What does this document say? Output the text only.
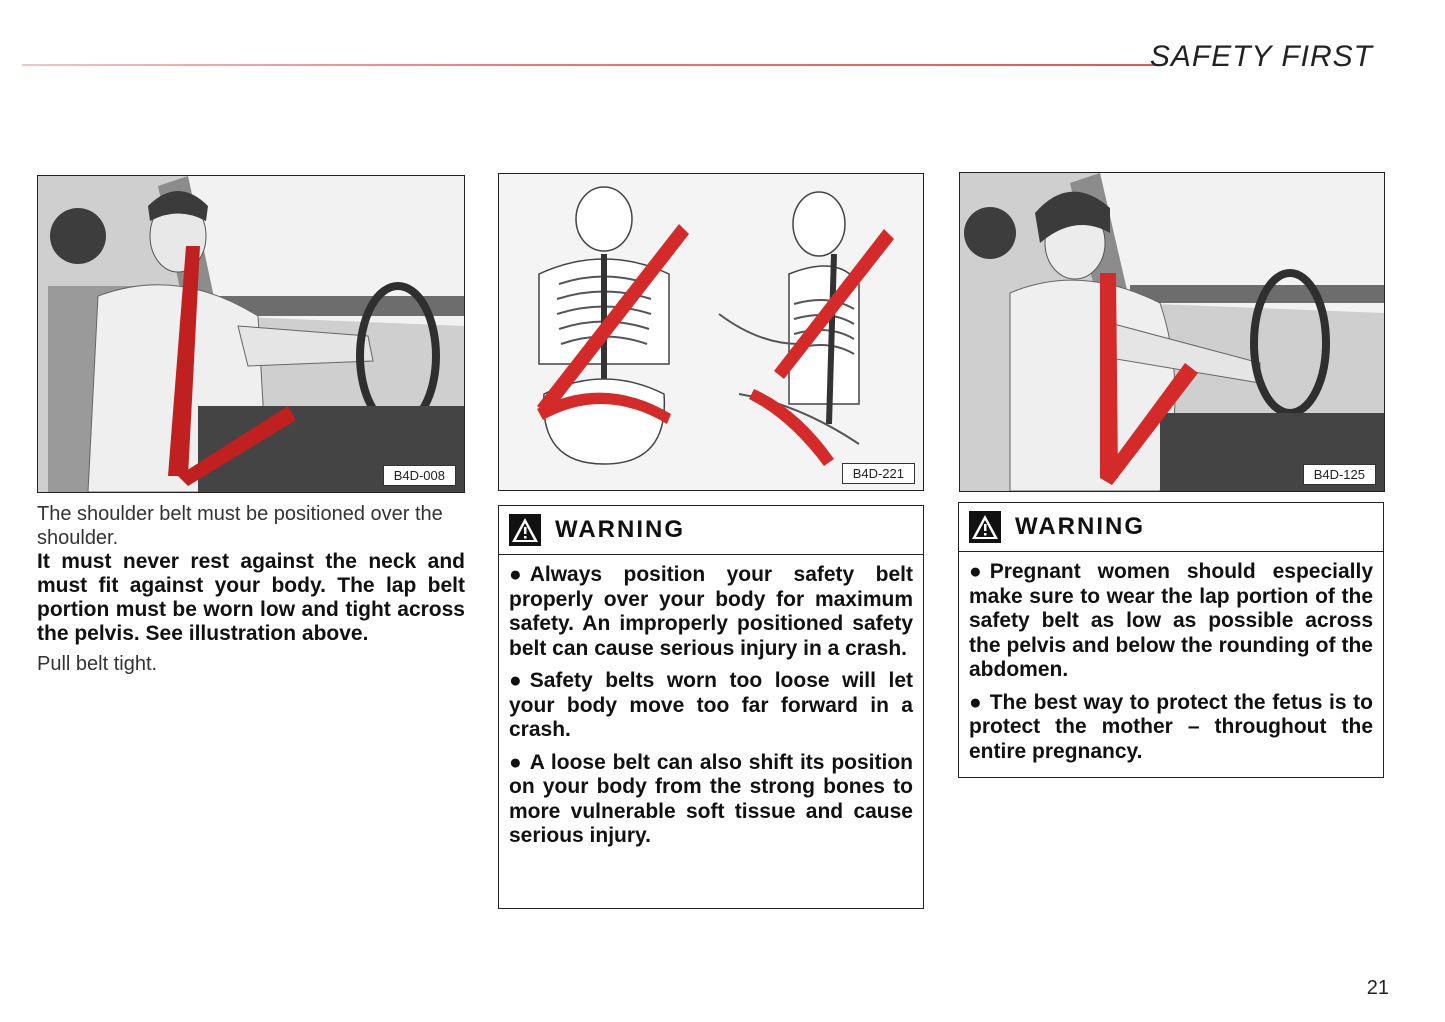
SAFETY FIRST
B4D-008	B4D-221	B4D-125

The shoulder belt must be positioned over the shoulder.

It must never rest against the neck and must fit against your body. The lap belt portion must be worn low and tight across the pelvis. See illustration above.

Pull belt tight.

WARNING

● Always position your safety belt properly over your body for maximum safety. An improperly positioned safety belt can cause serious injury in a crash.

● Safety belts worn too loose will let your body move too far forward in a crash.

● A loose belt can also shift its position on your body from the strong bones to more vulnerable soft tissue and cause serious injury.

WARNING

● Pregnant women should especially make sure to wear the lap portion of the safety belt as low as possible across the pelvis and below the rounding of the abdomen.

● The best way to protect the fetus is to protect the mother – throughout the entire pregnancy.

21
